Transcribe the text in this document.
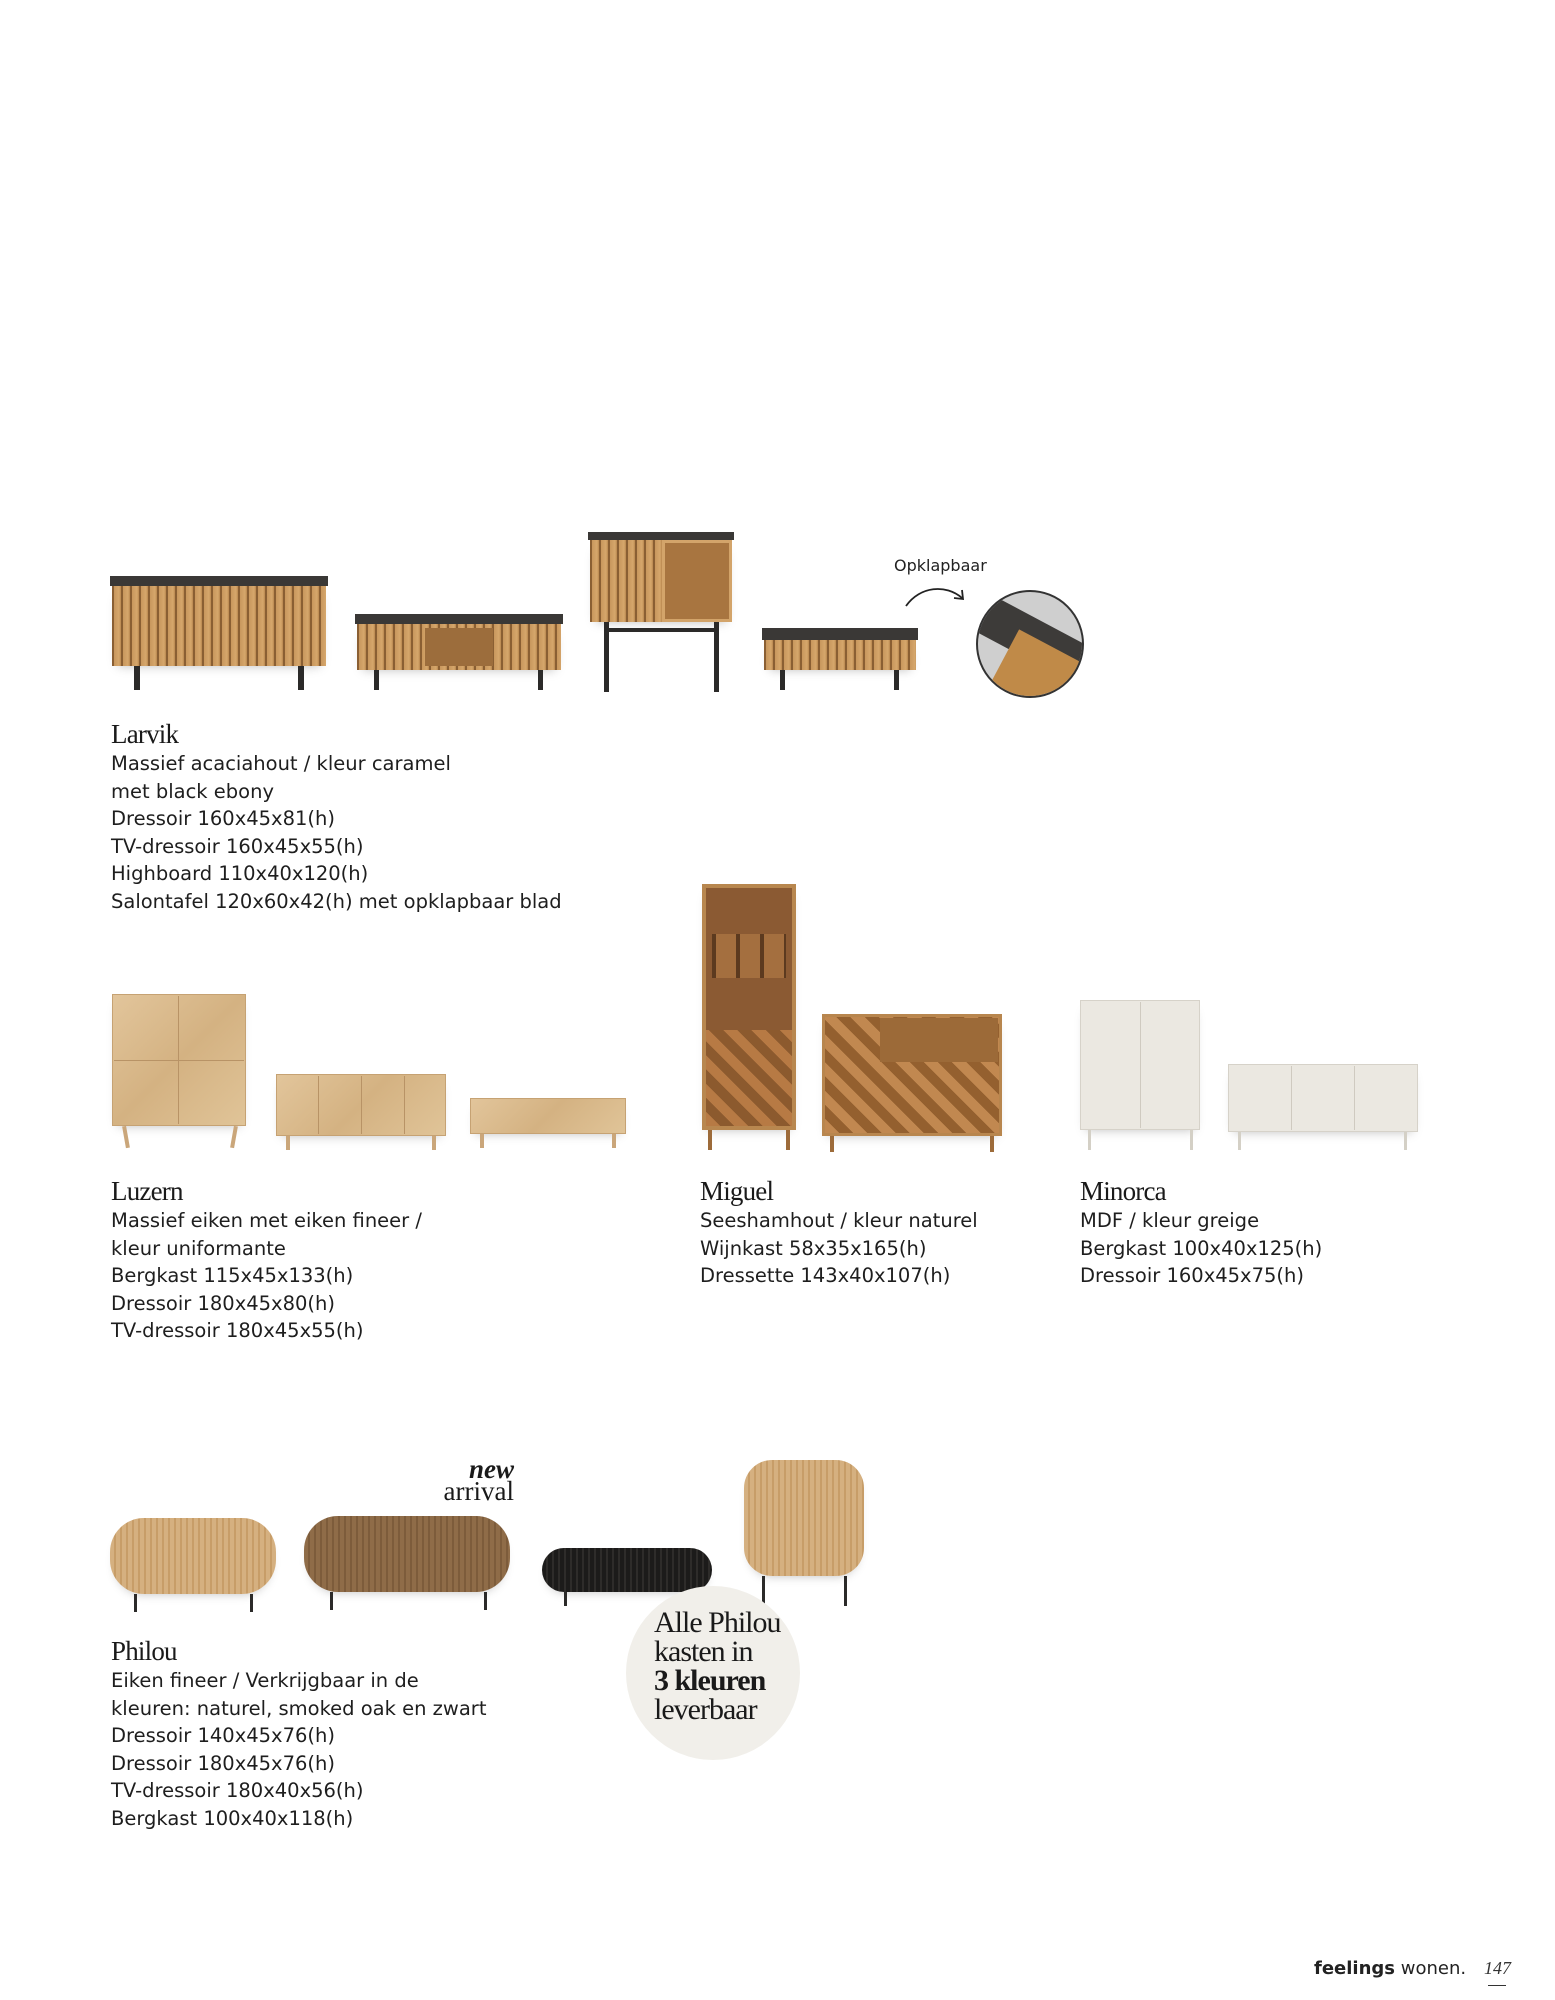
Opklapbaar
Larvik
Massief acaciahout / kleur caramel
met black ebony
Dressoir 160x45x81(h)
TV-dressoir 160x45x55(h)
Highboard 110x40x120(h)
Salontafel 120x60x42(h) met opklapbaar blad
Luzern
Massief eiken met eiken fineer /
kleur uniformante
Bergkast 115x45x133(h)
Dressoir 180x45x80(h)
TV-dressoir 180x45x55(h)
Miguel
Seeshamhout / kleur naturel
Wijnkast 58x35x165(h)
Dressette 143x40x107(h)
Minorca
MDF / kleur greige
Bergkast 100x40x125(h)
Dressoir 160x45x75(h)
new
arrival
Alle Philou
kasten in
3 kleuren
leverbaar
Philou
Eiken fineer / Verkrijgbaar in de
kleuren: naturel, smoked oak en zwart
Dressoir 140x45x76(h)
Dressoir 180x45x76(h)
TV-dressoir 180x40x56(h)
Bergkast 100x40x118(h)
feelings wonen. 147
